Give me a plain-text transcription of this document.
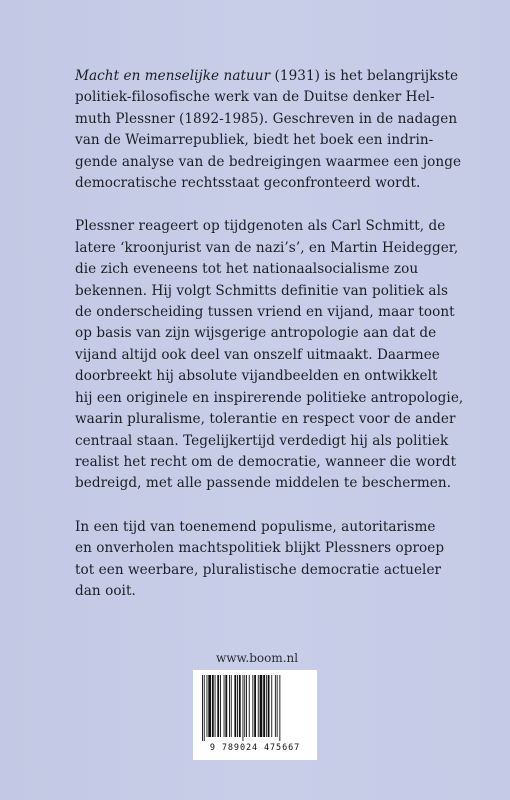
Macht en menselijke natuur (1931) is het belangrijkste
politiek-filosofische werk van de Duitse denker Hel-
muth Plessner (1892-1985). Geschreven in de nadagen
van de Weimarrepubliek, biedt het boek een indrin-
gende analyse van de bedreigingen waarmee een jonge
democratische rechtsstaat geconfronteerd wordt.

Plessner reageert op tijdgenoten als Carl Schmitt, de
latere ‘kroonjurist van de nazi’s’, en Martin Heidegger,
die zich eveneens tot het nationaalsocialisme zou
bekennen. Hij volgt Schmitts definitie van politiek als
de onderscheiding tussen vriend en vijand, maar toont
op basis van zijn wijsgerige antropologie aan dat de
vijand altijd ook deel van onszelf uitmaakt. Daarmee
doorbreekt hij absolute vijandbeelden en ontwikkelt
hij een originele en inspirerende politieke antropologie,
waarin pluralisme, tolerantie en respect voor de ander
centraal staan. Tegelijkertijd verdedigt hij als politiek
realist het recht om de democratie, wanneer die wordt
bedreigd, met alle passende middelen te beschermen.

In een tijd van toenemend populisme, autoritarisme
en onverholen machtspolitiek blijkt Plessners oproep
tot een weerbare, pluralistische democratie actueler
dan ooit.

www.boom.nl
9 789024 475667
